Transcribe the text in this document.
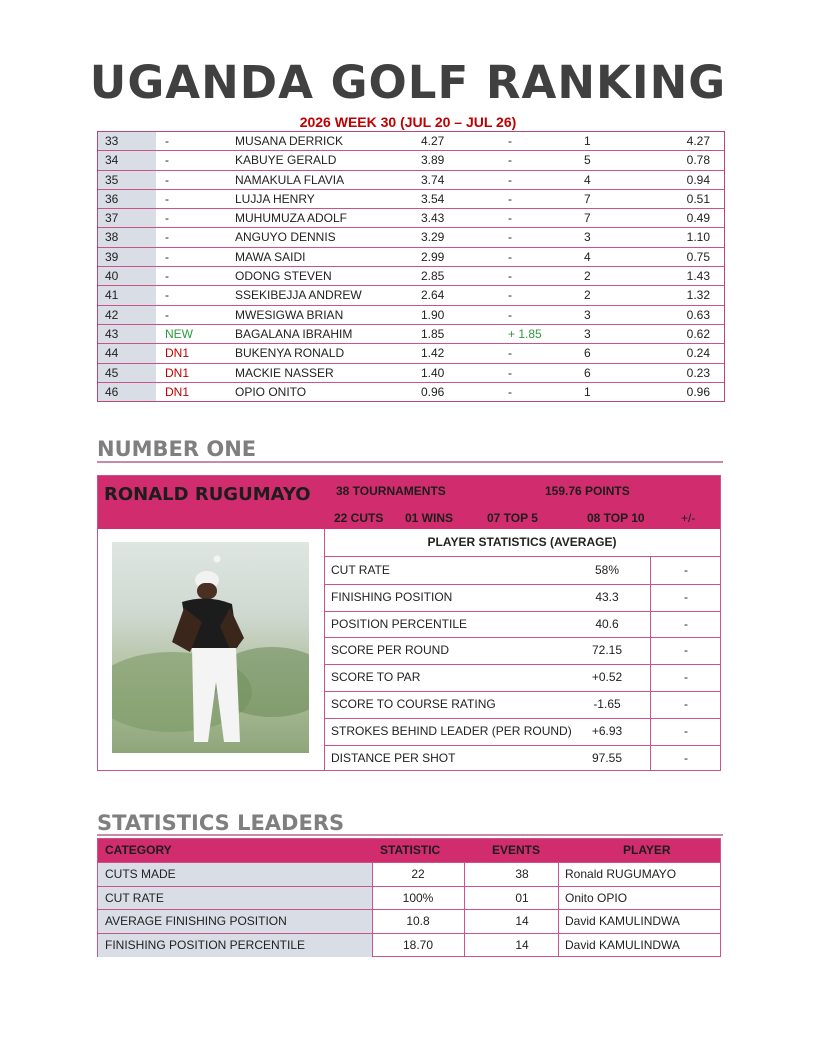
UGANDA GOLF RANKING
2026 WEEK 30 (JUL 20 – JUL 26)
33	-	MUSANA DERRICK	4.27	-	1	4.27
34	-	KABUYE GERALD	3.89	-	5	0.78
35	-	NAMAKULA FLAVIA	3.74	-	4	0.94
36	-	LUJJA HENRY	3.54	-	7	0.51
37	-	MUHUMUZA ADOLF	3.43	-	7	0.49
38	-	ANGUYO DENNIS	3.29	-	3	1.10
39	-	MAWA SAIDI	2.99	-	4	0.75
40	-	ODONG STEVEN	2.85	-	2	1.43
41	-	SSEKIBEJJA ANDREW	2.64	-	2	1.32
42	-	MWESIGWA BRIAN	1.90	-	3	0.63
43	NEW	BAGALANA IBRAHIM	1.85	+ 1.85	3	0.62
44	DN1	BUKENYA RONALD	1.42	-	6	0.24
45	DN1	MACKIE NASSER	1.40	-	6	0.23
46	DN1	OPIO ONITO	0.96	-	1	0.96
NUMBER ONE
RONALD RUGUMAYO 38 TOURNAMENTS	159.76 POINTS
22 CUTS 01 WINS	07 TOP 5	08 TOP 10	+/-
PLAYER STATISTICS (AVERAGE)
CUT RATE	58%	-
FINISHING POSITION	43.3	-
POSITION PERCENTILE	40.6	-
SCORE PER ROUND	72.15	-
SCORE TO PAR	+0.52	-
SCORE TO COURSE RATING	-1.65	-
STROKES BEHIND LEADER (PER ROUND)	+6.93	-
DISTANCE PER SHOT	97.55	-
STATISTICS LEADERS
CATEGORY	STATISTIC	EVENTS	PLAYER
CUTS MADE	22	38	Ronald RUGUMAYO
CUT RATE	100%	01	Onito OPIO
AVERAGE FINISHING POSITION	10.8	14	David KAMULINDWA
FINISHING POSITION PERCENTILE	18.70	14	David KAMULINDWA
